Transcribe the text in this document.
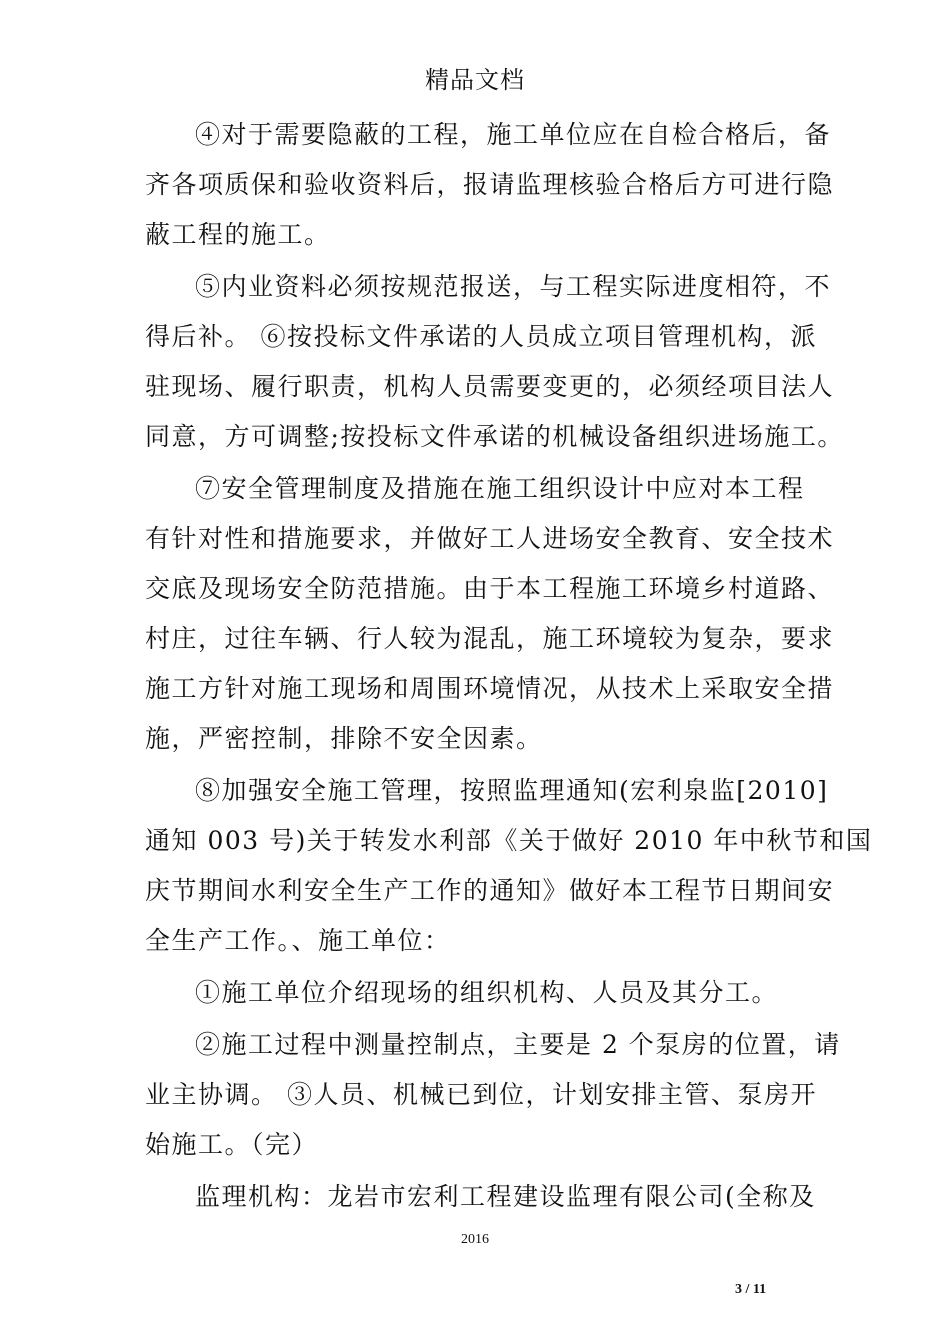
精品文档
④对于需要隐蔽的工程，施工单位应在自检合格后，备
齐各项质保和验收资料后，报请监理核验合格后方可进行隐
蔽工程的施工。
⑤内业资料必须按规范报送，与工程实际进度相符，不
得后补。 ⑥按投标文件承诺的人员成立项目管理机构，派
驻现场、履行职责，机构人员需要变更的，必须经项目法人
同意，方可调整;按投标文件承诺的机械设备组织进场施工。
⑦安全管理制度及措施在施工组织设计中应对本工程
有针对性和措施要求，并做好工人进场安全教育、安全技术
交底及现场安全防范措施。由于本工程施工环境乡村道路、
村庄，过往车辆、行人较为混乱，施工环境较为复杂，要求
施工方针对施工现场和周围环境情况，从技术上采取安全措
施，严密控制，排除不安全因素。
⑧加强安全施工管理，按照监理通知(宏利泉监[2010]
通知 003 号)关于转发水利部《关于做好 2010 年中秋节和国
庆节期间水利安全生产工作的通知》做好本工程节日期间安
全生产工作。、施工单位：
①施工单位介绍现场的组织机构、人员及其分工。
②施工过程中测量控制点，主要是 2 个泵房的位置，请
业主协调。 ③人员、机械已到位，计划安排主管、泵房开
始施工。（完）
监理机构：龙岩市宏利工程建设监理有限公司(全称及
2016
3 / 11
